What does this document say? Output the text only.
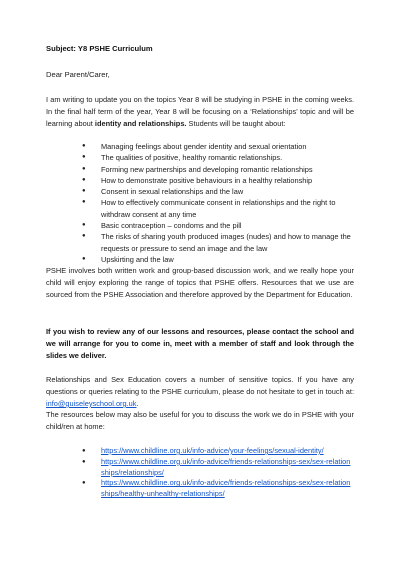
Subject: Y8 PSHE Curriculum
Dear Parent/Carer,

I am writing to update you on the topics Year 8 will be studying in PSHE in the coming weeks. In the final half term of the year, Year 8 will be focusing on a ‘Relationships’ topic and will be learning about identity and relationships. Students will be taught about:

● Managing feelings about gender identity and sexual orientation
● The qualities of positive, healthy romantic relationships.
● Forming new partnerships and developing romantic relationships
● How to demonstrate positive behaviours in a healthy relationship
● Consent in sexual relationships and the law
● How to effectively communicate consent in relationships and the right to withdraw consent at any time
● Basic contraception – condoms and the pill
● The risks of sharing youth produced images (nudes) and how to manage the requests or pressure to send an image and the law
● Upskirting and the law

PSHE involves both written work and group-based discussion work, and we really hope your child will enjoy exploring the range of topics that PSHE offers. Resources that we use are sourced from the PSHE Association and therefore approved by the Department for Education.

If you wish to review any of our lessons and resources, please contact the school and we will arrange for you to come in, meet with a member of staff and look through the slides we deliver.

Relationships and Sex Education covers a number of sensitive topics. If you have any questions or queries relating to the PSHE curriculum, please do not hesitate to get in touch at: info@guiseleyschool.org.uk.

The resources below may also be useful for you to discuss the work we do in PSHE with your child/ren at home:

● https://www.childline.org.uk/info-advice/your-feelings/sexual-identity/
● https://www.childline.org.uk/info-advice/friends-relationships-sex/sex-relationships/relationships/
● https://www.childline.org.uk/info-advice/friends-relationships-sex/sex-relationships/healthy-unhealthy-relationships/
